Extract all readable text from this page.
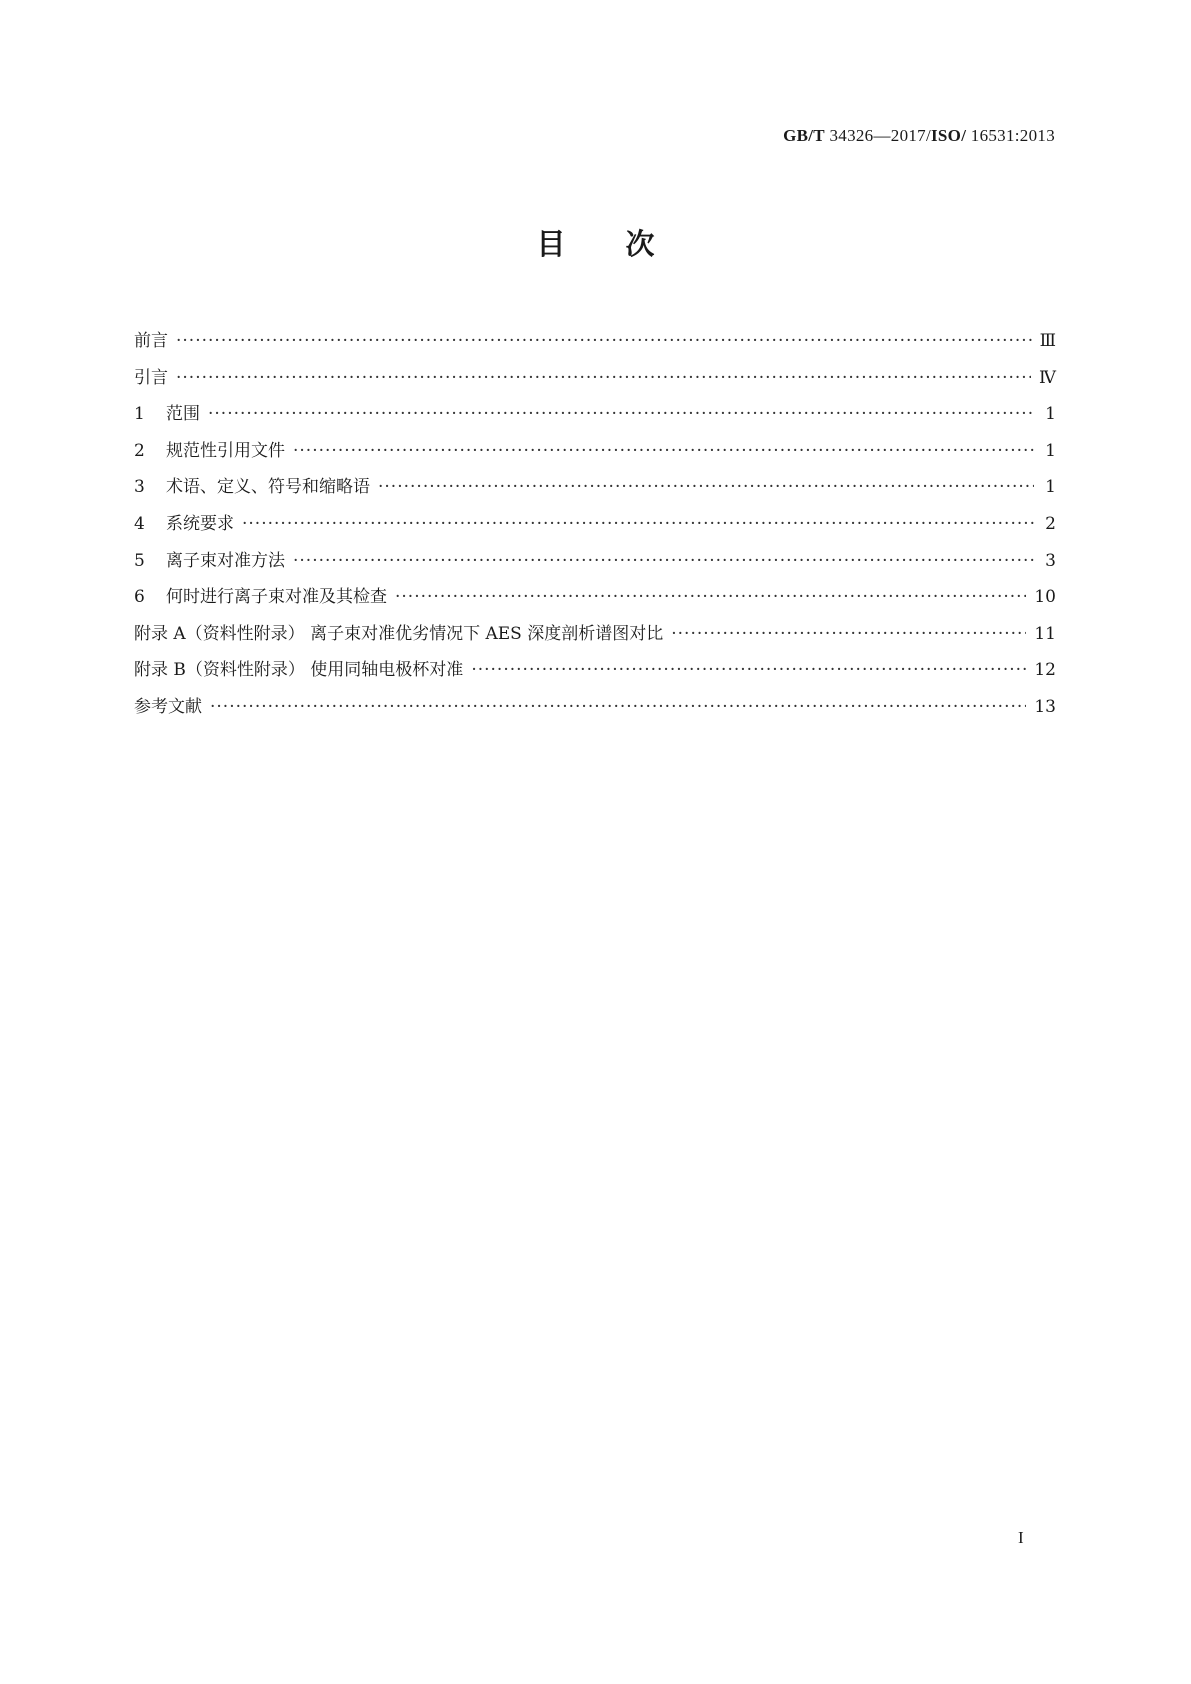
GB/T 34326—2017/ISO/ 16531:2013
目次
前言 ·····	Ⅲ
引言 ·····	Ⅳ
1	范围 ·····	1
2	规范性引用文件 ·····	1
3	术语、定义、符号和缩略语 ·····	1
4	系统要求 ·····	2
5	离子束对准方法 ·····	3
6	何时进行离子束对准及其检查 ·····	10
附录 A（资料性附录） 离子束对准优劣情况下 AES 深度剖析谱图对比 ·····	11
附录 B（资料性附录） 使用同轴电极杯对准 ·····	12
参考文献 ·····	13
I
